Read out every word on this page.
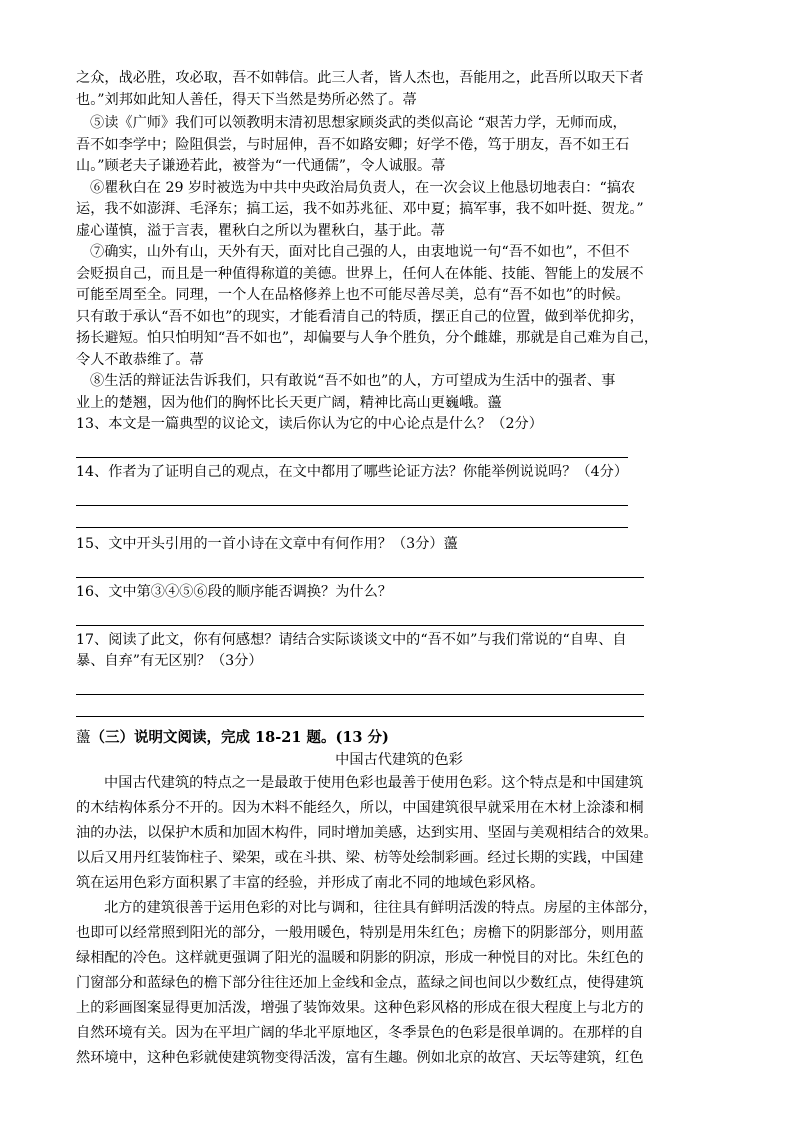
之众，战必胜，攻必取，吾不如韩信。此三人者，皆人杰也，吾能用之，此吾所以取天下者
也。”刘邦如此知人善任，得天下当然是势所必然了。菷
⑤读《广师》我们可以领教明末清初思想家顾炎武的类似高论 “艰苦力学，无师而成，
吾不如李学中；险阻俱尝，与时屈伸，吾不如路安卿；好学不倦，笃于朋友，吾不如王石
山。”顾老夫子谦逊若此，被誉为“一代通儒”，令人诚服。菷
⑥瞿秋白在 29 岁时被选为中共中央政治局负责人，在一次会议上他恳切地表白：“搞农
运，我不如澎湃、毛泽东；搞工运，我不如苏兆征、邓中夏；搞军事，我不如叶挺、贺龙。”
虚心谨慎，溢于言表，瞿秋白之所以为瞿秋白，基于此。菷
⑦确实，山外有山，天外有天，面对比自己强的人，由衷地说一句“吾不如也”，不但不
会贬损自己，而且是一种值得称道的美德。世界上，任何人在体能、技能、智能上的发展不
可能至周至全。同理，一个人在品格修养上也不可能尽善尽美，总有“吾不如也”的时候。
只有敢于承认“吾不如也”的现实，才能看清自己的特质，摆正自己的位置，做到举优抑劣，
扬长避短。怕只怕明知“吾不如也”，却偏要与人争个胜负，分个雌雄，那就是自己难为自己，
令人不敢恭维了。菷
⑧生活的辩证法告诉我们，只有敢说“吾不如也”的人，方可望成为生活中的强者、事
业上的楚翘，因为他们的胸怀比长天更广阔，精神比高山更巍峨。蘯
13、本文是一篇典型的议论文，读后你认为它的中心论点是什么？（2分）
14、作者为了证明自己的观点，在文中都用了哪些论证方法？你能举例说说吗？（4分）
15、文中开头引用的一首小诗在文章中有何作用？（3分）蘯
16、文中第③④⑤⑥段的顺序能否调换？为什么？
17、阅读了此文，你有何感想？请结合实际谈谈文中的“吾不如”与我们常说的“自卑、自
暴、自弃”有无区别？（3分）
蘯（三）说明文阅读，完成 18-21 题。(13 分)
中国古代建筑的色彩
中国古代建筑的特点之一是最敢于使用色彩也最善于使用色彩。这个特点是和中国建筑
的木结构体系分不开的。因为木料不能经久，所以，中国建筑很早就采用在木材上涂漆和桐
油的办法，以保护木质和加固木构件，同时增加美感，达到实用、坚固与美观相结合的效果。
以后又用丹红装饰柱子、梁架，或在斗拱、梁、枋等处绘制彩画。经过长期的实践，中国建
筑在运用色彩方面积累了丰富的经验，并形成了南北不同的地域色彩风格。
北方的建筑很善于运用色彩的对比与调和，往往具有鲜明活泼的特点。房屋的主体部分，
也即可以经常照到阳光的部分，一般用暖色，特别是用朱红色；房檐下的阴影部分，则用蓝
绿相配的冷色。这样就更强调了阳光的温暖和阴影的阴凉，形成一种悦目的对比。朱红色的
门窗部分和蓝绿色的檐下部分往往还加上金线和金点，蓝绿之间也间以少数红点，使得建筑
上的彩画图案显得更加活泼，增强了装饰效果。这种色彩风格的形成在很大程度上与北方的
自然环境有关。因为在平坦广阔的华北平原地区，冬季景色的色彩是很单调的。在那样的自
然环境中，这种色彩就使建筑物变得活泼，富有生趣。例如北京的故宫、天坛等建筑，红色
